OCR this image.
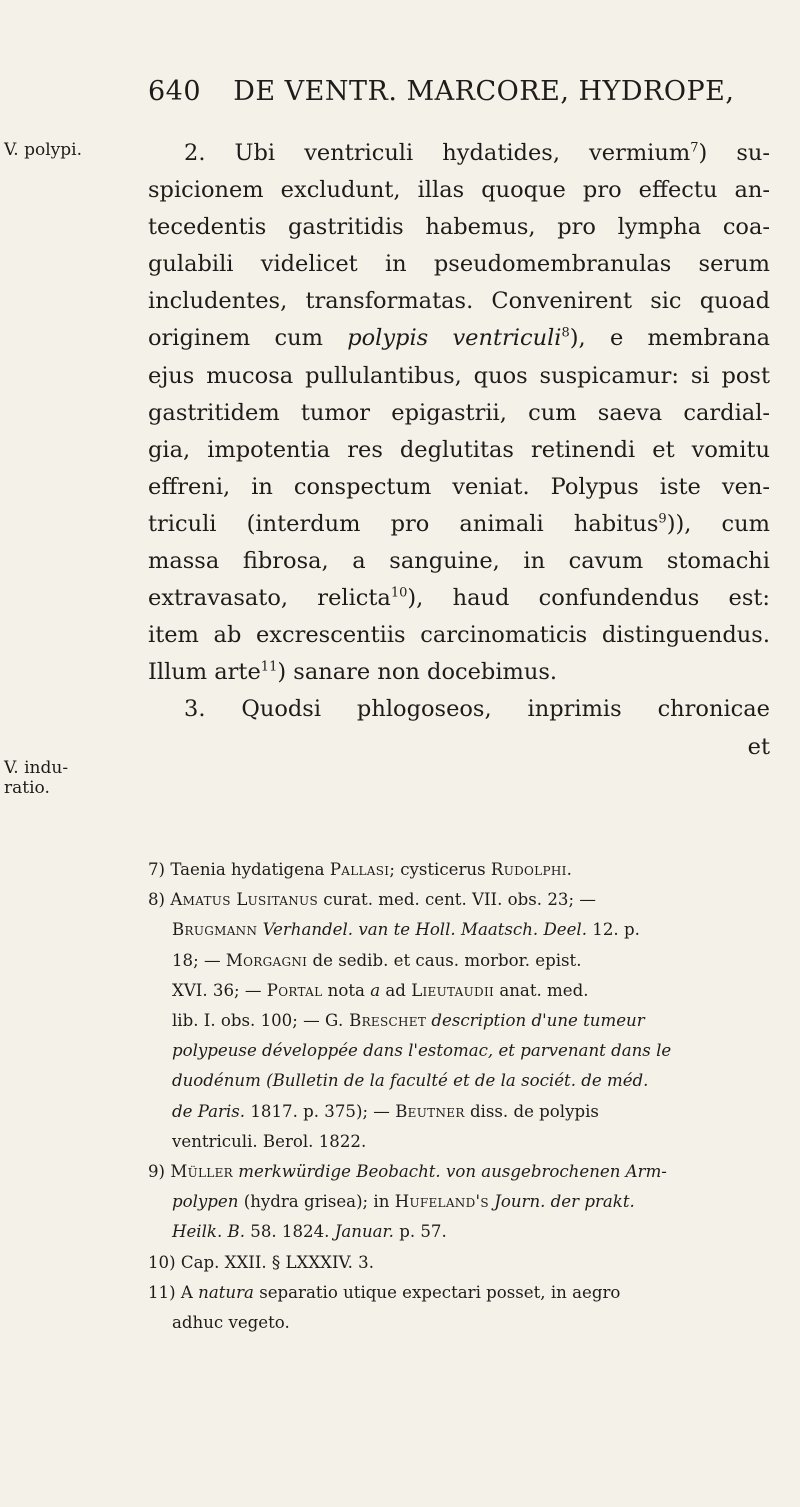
640 DE VENTR. MARCORE, HYDROPE,
V. polypi.
V. indu-
ratio.
2. Ubi ventriculi hydatides, vermium$^7$) su-
spicionem excludunt, illas quoque pro effectu an-
tecedentis gastritidis habemus, pro lympha coa-
gulabili videlicet in pseudomembranulas serum
includentes, transformatas. Convenirent sic quoad
originem cum polypis ventriculi$^8$), e membrana
ejus mucosa pullulantibus, quos suspicamur: si post
gastritidem tumor epigastrii, cum saeva cardial-
gia, impotentia res deglutitas retinendi et vomitu
effreni, in conspectum veniat. Polypus iste ven-
triculi (interdum pro animali habitus$^9$)), cum
massa fibrosa, a sanguine, in cavum stomachi
extravasato, relicta$^{10}$), haud confundendus est:
item ab excrescentiis carcinomaticis distinguendus.
Illum arte$^{11}$) sanare non docebimus.
3. Quodsi phlogoseos, inprimis chronicae
et
7) Taenia hydatigena Pallasi; cysticerus Rudolphi.
8) Amatus Lusitanus curat. med. cent. VII. obs. 23; —
Brugmann Verhandel. van te Holl. Maatsch. Deel. 12. p.
18; — Morgagni de sedib. et caus. morbor. epist.
XVI. 36; — Portal nota a ad Lieutaudii anat. med.
lib. I. obs. 100; — G. Breschet description d'une tumeur
polypeuse développée dans l'estomac, et parvenant dans le
duodénum (Bulletin de la faculté et de la sociét. de méd.
de Paris. 1817. p. 375); — Beutner diss. de polypis
ventriculi. Berol. 1822.
9) Müller merkwürdige Beobacht. von ausgebrochenen Arm-
polypen (hydra grisea); in Hufeland's Journ. der prakt.
Heilk. B. 58. 1824. Januar. p. 57.
10) Cap. XXII. § LXXXIV. 3.
11) A natura separatio utique expectari posset, in aegro
adhuc vegeto.
